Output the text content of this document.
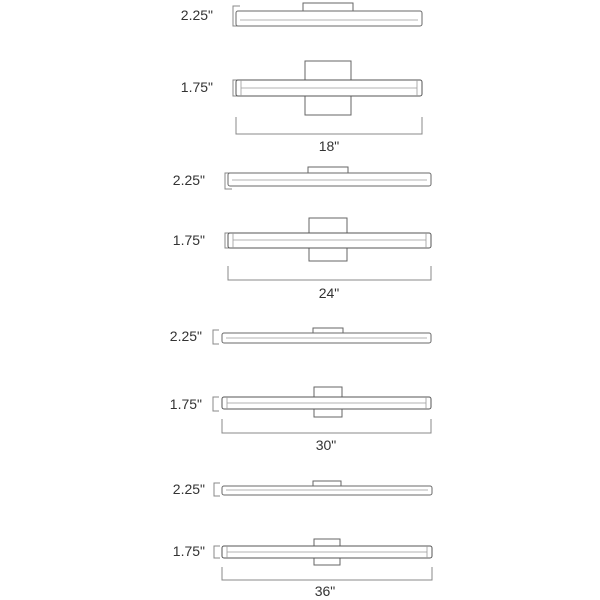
2.25"
1.75"
18"
2.25"
1.75"
24"
2.25"
1.75"
30"
2.25"
1.75"
36"
